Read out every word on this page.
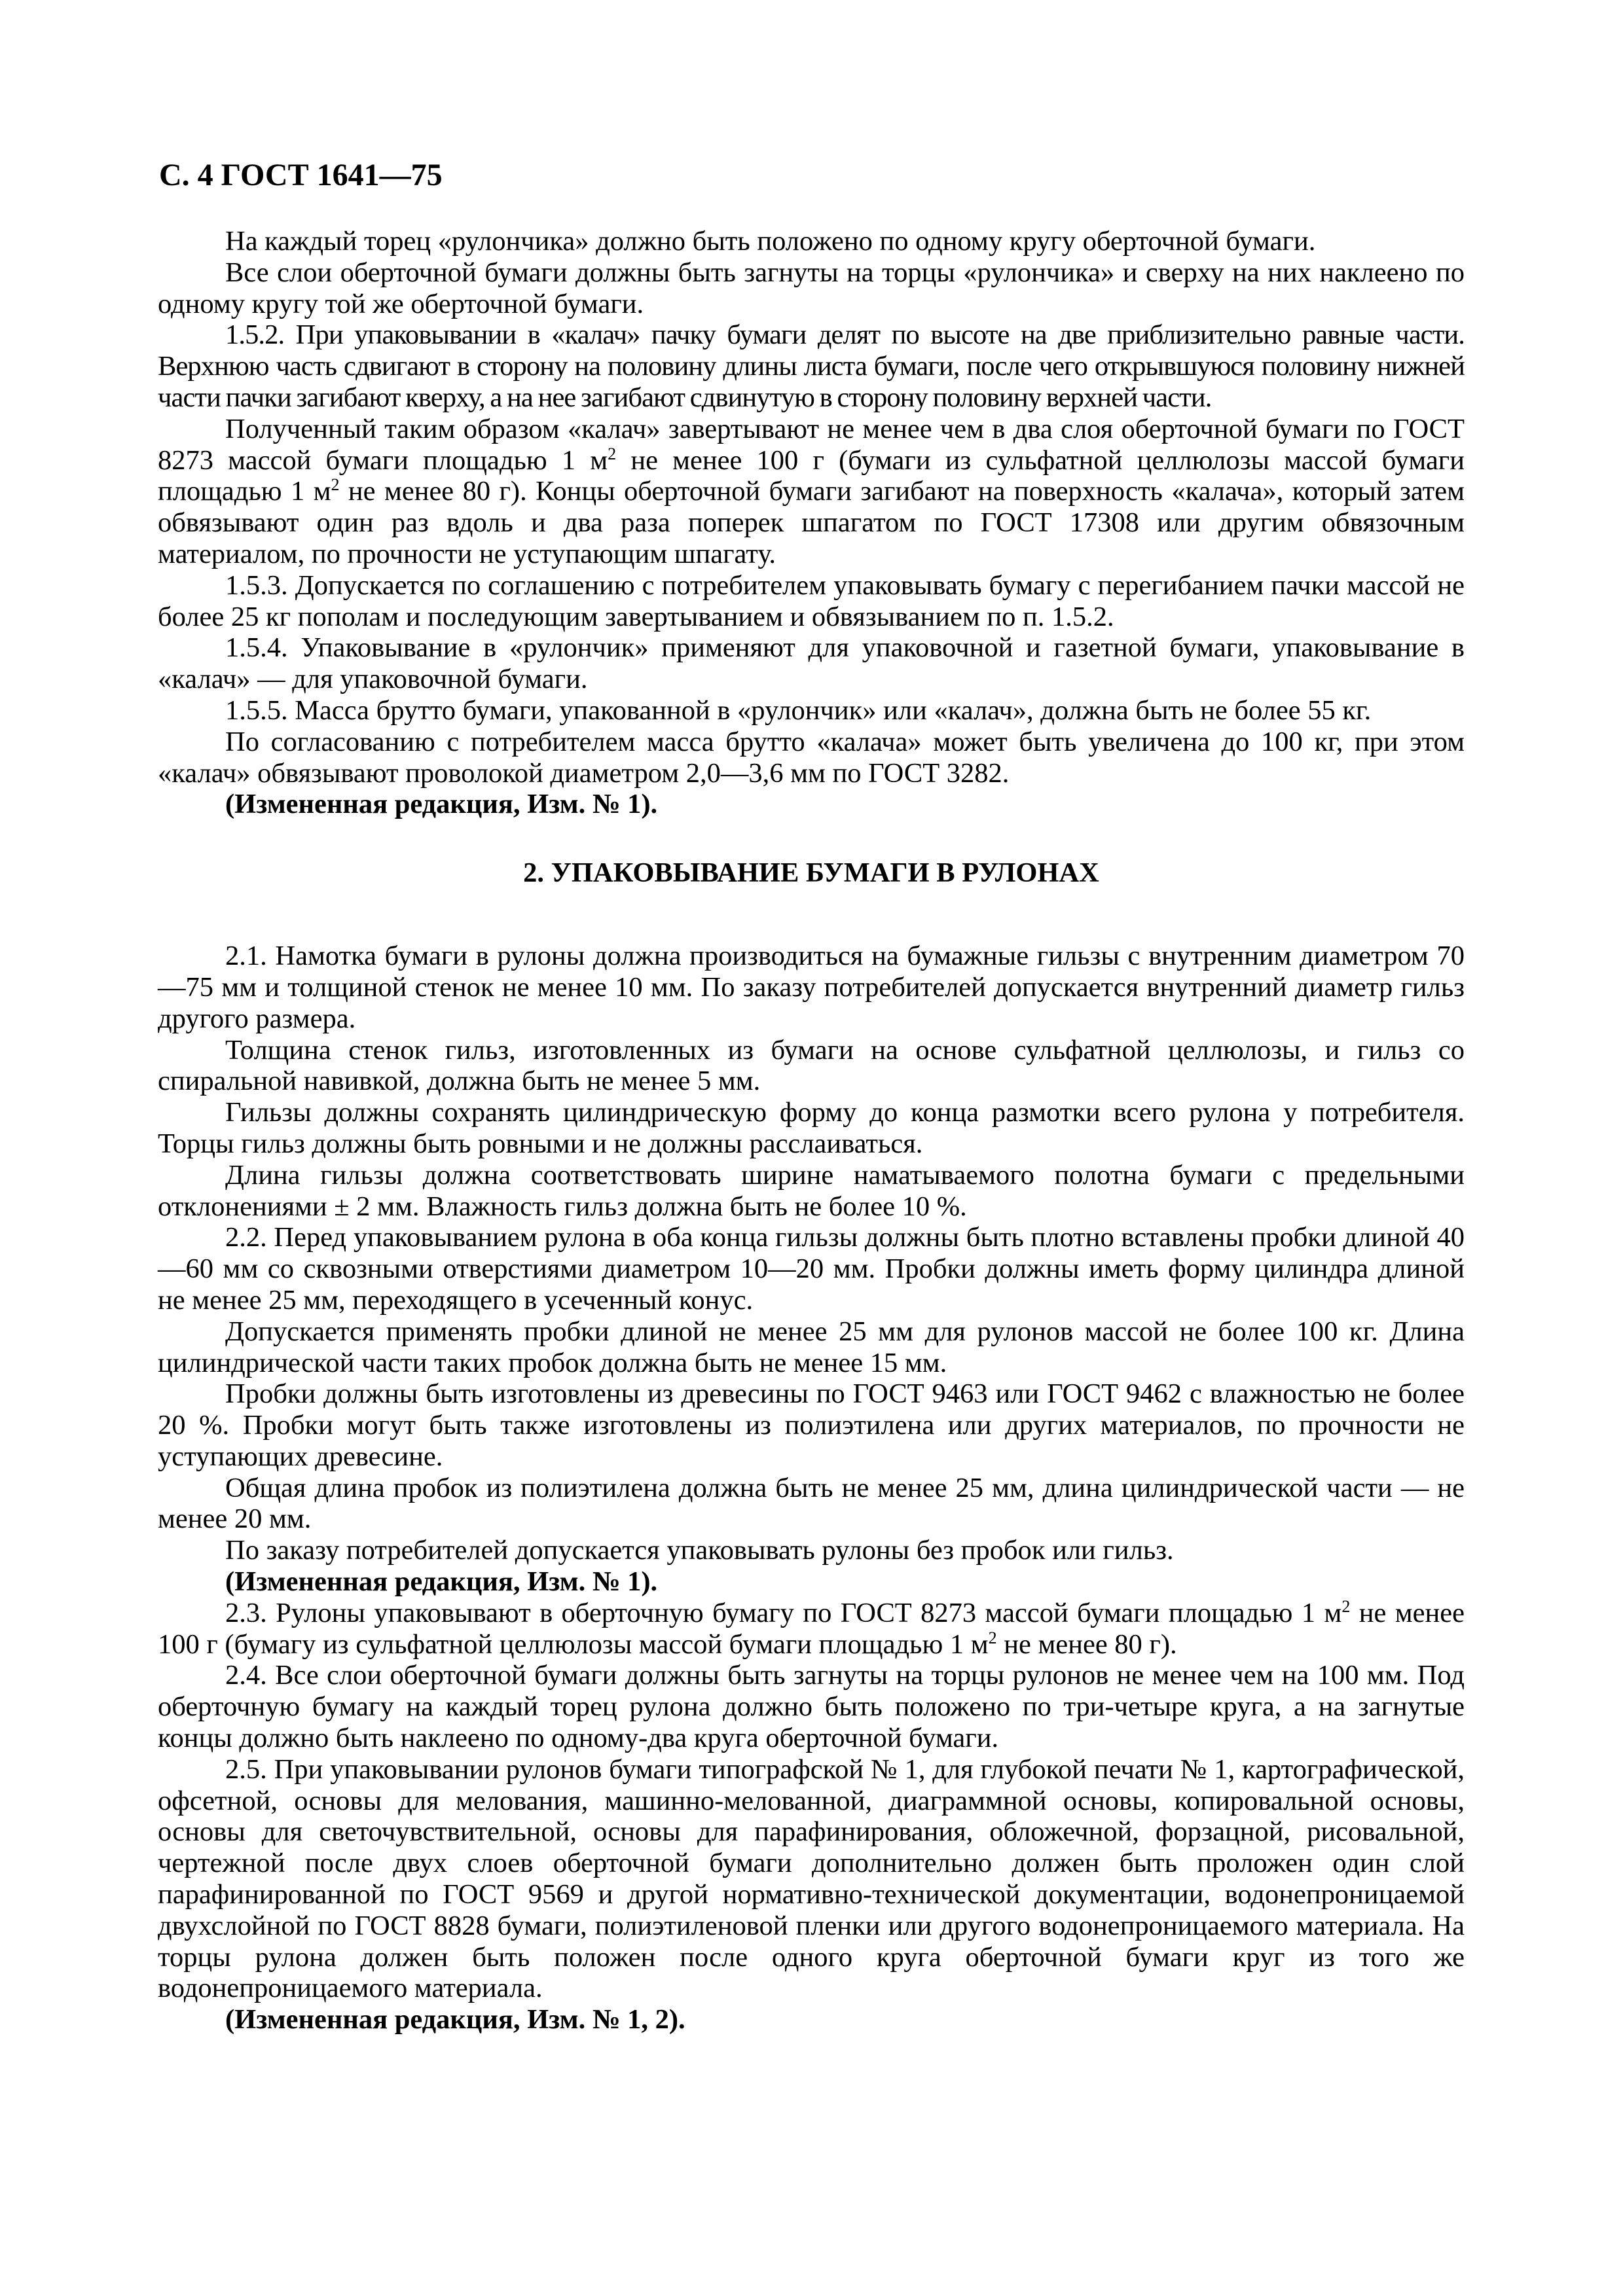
С. 4 ГОСТ 1641—75

На каждый торец «рулончика» должно быть положено по одному кругу оберточной бумаги.

Все слои оберточной бумаги должны быть загнуты на торцы «рулончика» и сверху на них наклеено по одному кругу той же оберточной бумаги.

1.5.2. При упаковывании в «калач» пачку бумаги делят по высоте на две приблизительно равные части. Верхнюю часть сдвигают в сторону на половину длины листа бумаги, после чего открывшуюся половину нижней части пачки загибают кверху, а на нее загибают сдвинутую в сторону половину верхней части.

Полученный таким образом «калач» завертывают не менее чем в два слоя оберточной бумаги по ГОСТ 8273 массой бумаги площадью 1 $м^2$ не менее 100 г (бумаги из сульфатной целлюлозы массой бумаги площадью 1 $м^2$ не менее 80 г). Концы оберточной бумаги загибают на поверхность «калача», который затем обвязывают один раз вдоль и два раза поперек шпагатом по ГОСТ 17308 или другим обвязочным материалом, по прочности не уступающим шпагату.

1.5.3. Допускается по соглашению с потребителем упаковывать бумагу с перегибанием пачки массой не более 25 кг пополам и последующим завертыванием и обвязыванием по п. 1.5.2.

1.5.4. Упаковывание в «рулончик» применяют для упаковочной и газетной бумаги, упаковывание в «калач» — для упаковочной бумаги.

1.5.5. Масса брутто бумаги, упакованной в «рулончик» или «калач», должна быть не более 55 кг.

По согласованию с потребителем масса брутто «калача» может быть увеличена до 100 кг, при этом «калач» обвязывают проволокой диаметром 2,0—3,6 мм по ГОСТ 3282.

(Измененная редакция, Изм. № 1).

2. УПАКОВЫВАНИЕ БУМАГИ В РУЛОНАХ

2.1. Намотка бумаги в рулоны должна производиться на бумажные гильзы с внутренним диаметром 70—75 мм и толщиной стенок не менее 10 мм. По заказу потребителей допускается внутренний диаметр гильз другого размера.

Толщина стенок гильз, изготовленных из бумаги на основе сульфатной целлюлозы, и гильз со спиральной навивкой, должна быть не менее 5 мм.

Гильзы должны сохранять цилиндрическую форму до конца размотки всего рулона у потребителя. Торцы гильз должны быть ровными и не должны расслаиваться.

Длина гильзы должна соответствовать ширине наматываемого полотна бумаги с предельными отклонениями ± 2 мм. Влажность гильз должна быть не более 10 %.

2.2. Перед упаковыванием рулона в оба конца гильзы должны быть плотно вставлены пробки длиной 40—60 мм со сквозными отверстиями диаметром 10—20 мм. Пробки должны иметь форму цилиндра длиной не менее 25 мм, переходящего в усеченный конус.

Допускается применять пробки длиной не менее 25 мм для рулонов массой не более 100 кг. Длина цилиндрической части таких пробок должна быть не менее 15 мм.

Пробки должны быть изготовлены из древесины по ГОСТ 9463 или ГОСТ 9462 с влажностью не более 20 %. Пробки могут быть также изготовлены из полиэтилена или других материалов, по прочности не уступающих древесине.

Общая длина пробок из полиэтилена должна быть не менее 25 мм, длина цилиндрической части — не менее 20 мм.

По заказу потребителей допускается упаковывать рулоны без пробок или гильз.

(Измененная редакция, Изм. № 1).

2.3. Рулоны упаковывают в оберточную бумагу по ГОСТ 8273 массой бумаги площадью 1 $м^2$ не менее 100 г (бумагу из сульфатной целлюлозы массой бумаги площадью 1 $м^2$ не менее 80 г).

2.4. Все слои оберточной бумаги должны быть загнуты на торцы рулонов не менее чем на 100 мм. Под оберточную бумагу на каждый торец рулона должно быть положено по три-четыре круга, а на загнутые концы должно быть наклеено по одному-два круга оберточной бумаги.

2.5. При упаковывании рулонов бумаги типографской № 1, для глубокой печати № 1, картографической, офсетной, основы для мелования, машинно-мелованной, диаграммной основы, копировальной основы, основы для светочувствительной, основы для парафинирования, обложечной, форзацной, рисовальной, чертежной после двух слоев оберточной бумаги дополнительно должен быть проложен один слой парафинированной по ГОСТ 9569 и другой нормативно-технической документации, водонепроницаемой двухслойной по ГОСТ 8828 бумаги, полиэтиленовой пленки или другого водонепроницаемого материала. На торцы рулона должен быть положен после одного круга оберточной бумаги круг из того же водонепроницаемого материала.

(Измененная редакция, Изм. № 1, 2).
